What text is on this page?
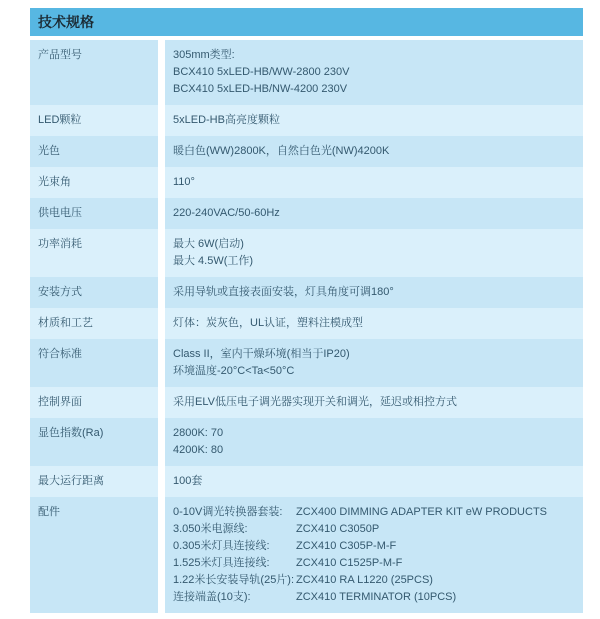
技术规格
产品型号	305mm类型:
BCX410 5xLED-HB/WW-2800 230V
BCX410 5xLED-HB/NW-4200 230V
LED颗粒	5xLED-HB高亮度颗粒
光色	暖白色(WW)2800K，自然白色光(NW)4200K
光束角	110°
供电电压	220-240VAC/50-60Hz
功率消耗	最大 6W(启动)
最大 4.5W(工作)
安装方式	采用导轨或直接表面安装，灯具角度可调180°
材质和工艺	灯体：炭灰色，UL认证，塑料注模成型
符合标准	Class II，室内干燥环境(相当于IP20)
环境温度-20°C<Ta<50°C
控制界面	采用ELV低压电子调光器实现开关和调光，延迟或相控方式
显色指数(Ra)	2800K: 70
4200K: 80
最大运行距离	100套
配件	0-10V调光转换器套装:	ZCX400 DIMMING ADAPTER KIT eW PRODUCTS
3.050米电源线:	ZCX410 C3050P
0.305米灯具连接线:	ZCX410 C305P-M-F
1.525米灯具连接线:	ZCX410 C1525P-M-F
1.22米长安装导轨(25片): ZCX410 RA L1220 (25PCS)
连接端盖(10支):	ZCX410 TERMINATOR (10PCS)
